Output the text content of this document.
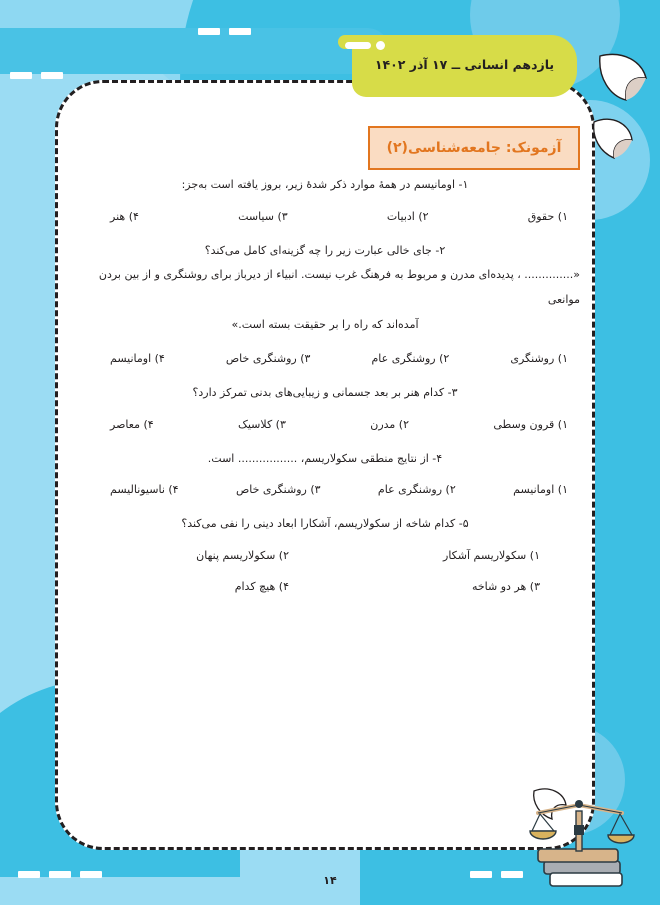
یازدهم انسانی ــ ۱۷ آذر ۱۴۰۲
آزمونک: جامعه‌شناسی(۲)
۱- اومانیسم در همهٔ موارد ذکر شدهٔ زیر، بروز یافته است به‌جز:
۱) حقوق
۲) ادبیات
۳) سیاست
۴) هنر
۲- جای خالی عبارت زیر را چه گزینه‌ای کامل می‌کند؟
«.............. ، پدیده‌ای مدرن و مربوط به فرهنگ غرب نیست. انبیاء از دیرباز برای روشنگری و از بین بردن موانعی
آمده‌اند که راه را بر حقیقت بسته است.»
۱) روشنگری
۲) روشنگری عام
۳) روشنگری خاص
۴) اومانیسم
۳- کدام هنر بر بعد جسمانی و زیبایی‌های بدنی تمرکز دارد؟
۱) قرون وسطی
۲) مدرن
۳) کلاسیک
۴) معاصر
۴- از نتایج منطقی سکولاریسم، ................. است.
۱) اومانیسم
۲) روشنگری عام
۳) روشنگری خاص
۴) ناسیونالیسم
۵- کدام شاخه از سکولاریسم، آشکارا ابعاد دینی را نفی می‌کند؟
۱) سکولاریسم آشکار
۲) سکولاریسم پنهان
۳) هر دو شاخه
۴) هیچ کدام
۱۴
